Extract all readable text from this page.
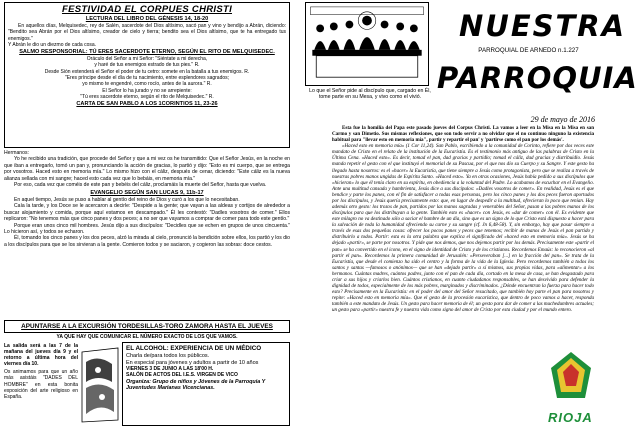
FESTIVIDAD EL CORPUES CHRISTI
LECTURA DEL LIBRO DEL GÉNESIS 14, 18-20

En aquellos días, Melquisedec, rey de Salén, sacerdote del Dios altísimo, sacó pan y vino y bendijo a Abrán, diciendo: "Bendito sea Abrán por el Dios altísimo, creador de cielo y tierra; bendito sea el Dios altísimo, que te ha entregado tus enemigos."

Y Abrán le dio un diezmo de cada cosa.

SALMO RESPONSORIAL: TÚ ERES SACERDOTE ETERNO, SEGÚN EL RITO DE MELQUISEDEC.

Oráculo del Señor a mi Señor: "Siéntate a mi derecha,

y haré de tus enemigos estrado de tus pies." R.

Desde Sión extenderá el Señor el poder de tu cetro: somete en la batalla a tus enemigos. R.

"Eres príncipe desde el día de tu nacimiento, entre esplendores sagrados;

yo mismo te engendré, como rocío, antes de la aurora." R.

El Señor lo ha jurado y no se arrepiente:

"Tú eres sacerdote eterno, según el rito de Melquisedec." R.

CARTA DE SAN PABLO A LOS 1CORINTIOS 11, 23-26

Hermanos:

Yo he recibido una tradición, que procede del Señor y que a mi vez os he transmitido: Que el Señor Jesús, en la noche en que iban a entregarlo, tomó un pan y, pronunciando la acción de gracias, lo partió y dijo: "Esto es mi cuerpo, que se entrega por vosotros. Haced esto en memoria mía." Lo mismo hizo con el cáliz, después de cenar, diciendo: "Este cáliz es la nueva alianza sellada con mi sangre; haced esto cada vez que lo bebáis, en memoria mía."

Por eso, cada vez que coméis de este pan y bebéis del cáliz, proclamáis la muerte del Señor, hasta que vuelva.

EVANGELIO SEGÚN SAN LUCAS 9, 11b-17

En aquel tiempo, Jesús se puso a hablar al gentío del reino de Dios y curó a los que lo necesitaban.

Caía la tarde, y los Doce se le acercaron a decirle: "Despide a la gente; que vayan a las aldeas y cortijos de alrededor a buscar alojamiento y comida, porque aquí estamos en descampado." Él les contestó: "Dadles vosotros de comer." Ellos replicaron: "No tenemos más que cinco panes y dos peces; a no ser que vayamos a comprar de comer para todo este gentío."

Porque eran unos cinco mil hombres. Jesús dijo a sus discípulos: "Decidles que se echen en grupos de unos cincuenta." Lo hicieron así, y todos se echaron.

Él, tomando los cinco panes y los dos peces, alzó la mirada al cielo, pronunció la bendición sobre ellos, los partió y los dio a los discípulos para que se los sirvieran a la gente. Comieron todos y se saciaron, y cogieron las sobras: doce cestos.

APUNTARSE A LA EXCURSIÓN TORDESILLAS-TORO ZAMORA HASTA EL JUEVES
YA QUE HAY QUE COMUNICAR EL NÚMERO EXACTO DE LOS QUE VAMOS.
La salida será a las 7 de la mañana del jueves día 9 y el retorno a última hora del viernes día 10.
Os animamos para que un año más asistáis "DADES DEL HOMBRE" en esta bonita exposición del arte religioso en España.
EL ALCOHOL: EXPERIENCIA DE UN MÉDICO
Charla de/para todos los públicos.
En especial para jóvenes y adultos a partir de 10 años
VIERNES 3 DE JUNIO A LAS 18'00 H.
SALÓN DE ACTOS DEL I.E.S. VIRGEN DE VICO
Organiza: Grupo de niños y Jóvenes de la Parroquia Y Juventudes Marianas Vicencianas.
Lo que el Señor pide al discípulo que, cargado en Él, tome parte en su Mesa, y vivo como el vivió.
NUESTRA
PARROQUIAL DE ARNEDO n.1.227
PARROQUIA
29 de mayo de 2016

Esta fue la homilía del Papa este pasado jueves del Corpus Christi. La vamos a leer en la Misa en la Misa en san Carmo y san Dimetio. Sus mismas reflexiones, que son todo servir a no olvidar que el no continuo ninguno la existencia habitual para "llevar esto en memoria mía", partir y repartir el pan' y 'partirse como el pan por los demás'.

«Haced esto en memoria mía» (1 Cor 11,24). San Pablo, escribiendo a la comunidad de Corinto, refiere por dos veces este mandato de Cristo en el relato de la institución de la Eucaristía. Es el testimonio más antiguo de las palabras de Cristo en la Última Cena. «Haced esto». Es decir, tomad el pan, dad gracias y partidlo; tomad el cáliz, dad gracias y distribuidlo. Jesús manda repetir el gesto con el que instituyó el memorial de su Pascua, por el que nos dio su Cuerpo y su Sangre. Y este gesto ha llegado hasta nosotros: es el «hacer» la Eucaristía, que tiene siempre a Jesús como protagonista, pero que se realiza a través de nuestras pobres manos ungidas de Espíritu Santo. «Haced esto». Ya en otras ocasiones, Jesús había pedido a sus discípulos que «hicieran» lo que él tenía claro en su espíritu, en obediencia a la voluntad del Padre. Lo acabamos de escuchar en el Evangelio. Ante una multitud cansada y hambrienta, Jesús dice a sus discípulos: «Dadles vosotros de comer». En realidad, Jesús es el que bendice y parte los panes, con el fin de satisfacer a todas esas personas, pero los cinco panes y los dos peces fueron aportados por los discípulos, y Jesús quería precisamente esto: que, en lugar de despedir a la multitud, ofrecieran lo poco que tenían. Hay además otro gesto: los trozos de pan, partidos por las manos sagradas y venerables del Señor, pasan a las pobres manos de los discípulos para que los distribuyan a la gente. También esto es «hacer» con Jesús, es «dar de comer» con él. Es evidente que este milagro no va destinado sólo a saciar el hambre de un día, sino que es un signo de lo que Cristo está dispuesto a hacer para la salvación de toda la humanidad ofreciendo su carne y su sangre (cf. Jn 6,48-58). Y, sin embargo, hay que pasar siempre a través de esas dos pequeñas cosas: ofrecer los pocos panes y peces que tenemos; recibir de manos de Jesús el pan partido y distribuirlo a todos. Partir: esta es la otra palabra que explica el significado del «haced esto en memoria mía». Jesús se ha dejado «partir», se parte por nosotros. Y pide que nos demos, que nos dejemos partir por los demás. Precisamente este «partir el pan» se ha convertido en el icono, en el signo de identidad de Cristo y de los cristianos. Recordemos Emaús: lo reconocieron «al partir el pan». Recordemos la primera comunidad de Jerusalén: «Perseveraban [...] en la fracción del pan». Se trata de la Eucaristía, que desde el comienzo ha sido el centro y la forma de la vida de la Iglesia. Pero recordemos también a todos los santos y santas —famosos o anónimos— que se han «dejado partir» a sí mismos, sus propias vidas, para «alimentar» a los hermanos. Cuántas madres, cuántos padres, junto con el pan de cada día, cortado en la mesa de casa, se han desgastado para criar a sus hijos y criarlos bien. Cuántos cristianos, en cuanto ciudadanos responsables, se han desvivido para defender la dignidad de todos, especialmente de los más pobres, marginados y discriminados. ¿Dónde encuentran la fuerza para hacer todo esto? Precisamente en la Eucaristía: en el poder del amor del Señor resucitado, que también hoy parte el pan para nosotros y repite: «Haced esto en memoria mía». Que el gesto de la procesión eucarística, que dentro de poco vamos a hacer, responda también a este mandato de Jesús. Un gesto para hacer memoria de él; un gesto para dar de comer a las muchedumbres actuales; un gesto para «partir» nuestra fe y nuestra vida como signo del amor de Cristo por esta ciudad y por el mundo entero.

RIOJA
